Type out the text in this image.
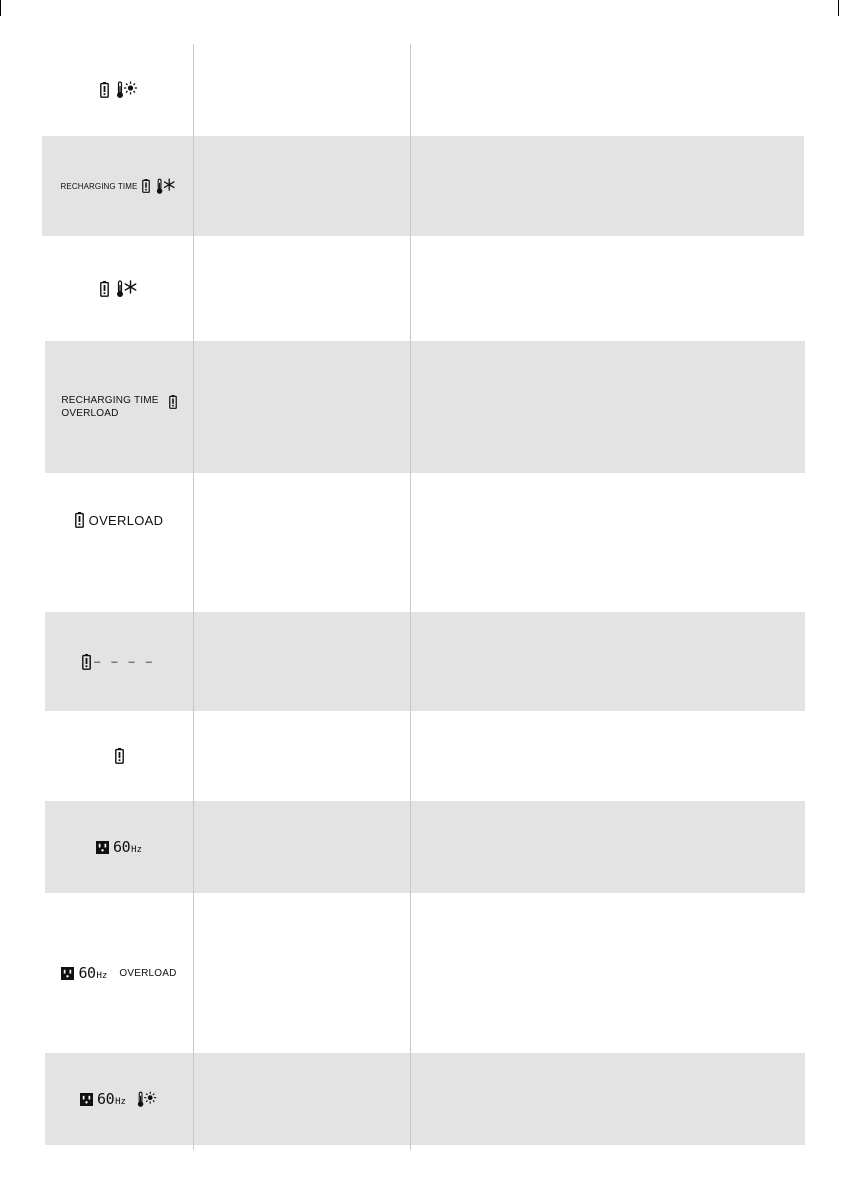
RECHARGING TIME
RECHARGING TIME
OVERLOAD
OVERLOAD
– – – –
60 Hz
60 Hz OVERLOAD
60 Hz
